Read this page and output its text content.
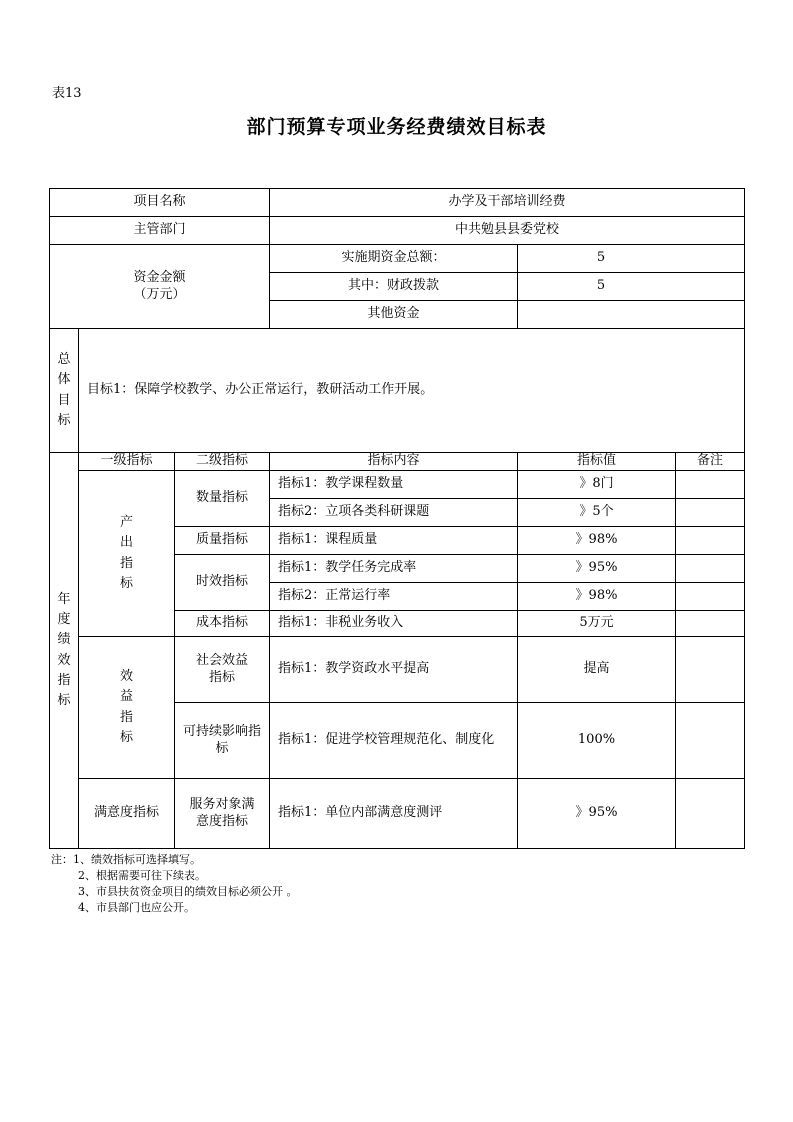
表13
部门预算专项业务经费绩效目标表
项目名称			办学及干部培训经费		
主管部门			中共勉县县委党校		

资金金额
（万元）			实施期资金总额：	5	
			其中：财政拨款	5	
			其他资金		
总体目标	目标1：保障学校教学、办公正常运行，教研活动工作开展。				
年度绩效指标	一级指标	二级指标	指标内容	指标值	备注
	产出指标	数量指标	指标1：教学课程数量	》8门	
			指标2：立项各类科研课题	》5个	
		质量指标	指标1：课程质量	》98%	
		时效指标	指标1：教学任务完成率	》95%	
			指标2：正常运行率	》98%	
		成本指标	指标1：非税业务收入	5万元	
	效益指标	社会效益指标	指标1：教学资政水平提高	提高	
		可持续影响指标	指标1：促进学校管理规范化、制度化	100%	
	满意度指标	服务对象满意度指标	指标1：单位内部满意度测评	》95%	
注：1、绩效指标可选择填写。
2、根据需要可往下续表。
3、市县扶贫资金项目的绩效目标必须公开 。
4、市县部门也应公开。
